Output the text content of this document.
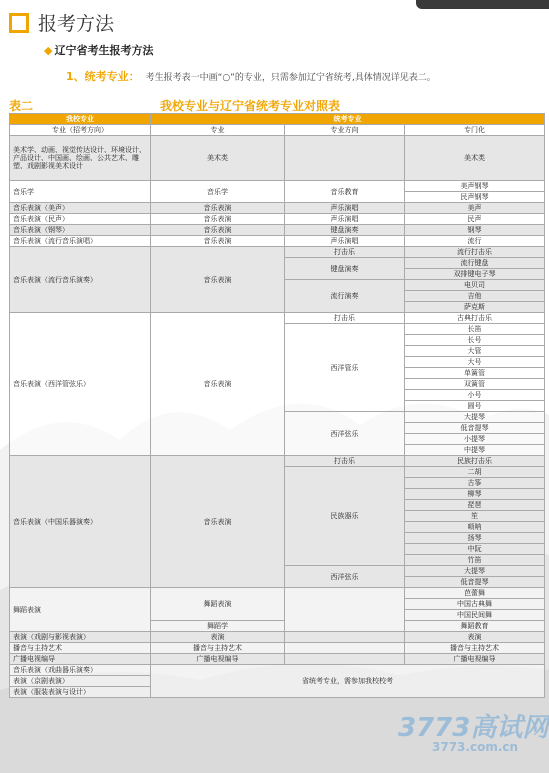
报考方法
◆ 辽宁省考生报考方法
1、统考专业： 考生报考表一中画“○”的专业，只需参加辽宁省统考,具体情况详见表二。
表二	我校专业与辽宁省统考专业对照表
我校专业	统考专业		
专业（招考方向）	专业	专业方向	专门化
美术学、动画、视觉传达设计、环境设计、产品设计、中国画、绘画、公共艺术、雕塑、戏剧影视美术设计	美术类		美术类
音乐学	音乐学	音乐教育	美声钢琴
			民声钢琴
音乐表演（美声）	音乐表演	声乐演唱	美声
音乐表演（民声）	音乐表演	声乐演唱	民声
音乐表演（钢琴）	音乐表演	键盘演奏	钢琴
音乐表演（流行音乐演唱）	音乐表演	声乐演唱	流行
音乐表演（流行音乐演奏）	音乐表演	打击乐	流行打击乐
		键盘演奏	流行键盘
			双排键电子琴
		流行演奏	电贝司
			吉他
			萨克斯
音乐表演（西洋管弦乐）	音乐表演	打击乐	古典打击乐
		西洋管乐	长笛
			长号
			大管
			大号
			单簧管
			双簧管
			小号
			圆号
		西洋弦乐	大提琴
			低音提琴
			小提琴
			中提琴
音乐表演（中国乐器演奏）	音乐表演	打击乐	民族打击乐
		民族器乐	二胡
			古筝
			柳琴
			琵琶
			笙
			唢呐
			扬琴
			中阮
			竹笛
		西洋弦乐	大提琴
			低音提琴
舞蹈表演	舞蹈表演		芭蕾舞
			中国古典舞
			中国民间舞
	舞蹈学		舞蹈教育
表演（戏剧与影视表演）	表演		表演
播音与主持艺术	播音与主持艺术		播音与主持艺术
广播电视编导	广播电视编导		广播电视编导
音乐表演（戏曲器乐演奏）	省统考专业，需参加我校校考		
表演（京剧表演）			
表演（服装表演与设计）			
3773高试网
3773.com.cn
